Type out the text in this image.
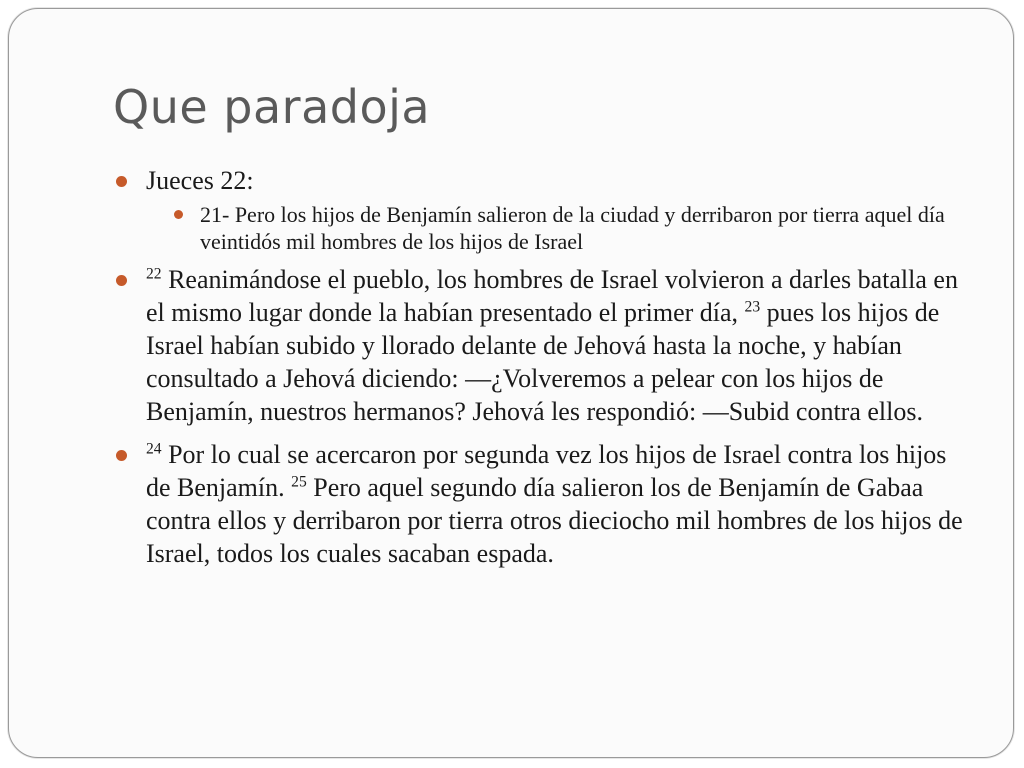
Que paradoja
Jueces 22:
21- Pero los hijos de Benjamín salieron de la ciudad y derribaron por tierra aquel día veintidós mil hombres de los hijos de Israel
$^{22}$ Reanimándose el pueblo, los hombres de Israel volvieron a darles batalla en el mismo lugar donde la habían presentado el primer día, $^{23}$ pues los hijos de Israel habían subido y llorado delante de Jehová hasta la noche, y habían consultado a Jehová diciendo: —¿Volveremos a pelear con los hijos de Benjamín, nuestros hermanos? Jehová les respondió: —Subid contra ellos.
$^{24}$ Por lo cual se acercaron por segunda vez los hijos de Israel contra los hijos de Benjamín. $^{25}$ Pero aquel segundo día salieron los de Benjamín de Gabaa contra ellos y derribaron por tierra otros dieciocho mil hombres de los hijos de Israel, todos los cuales sacaban espada.
